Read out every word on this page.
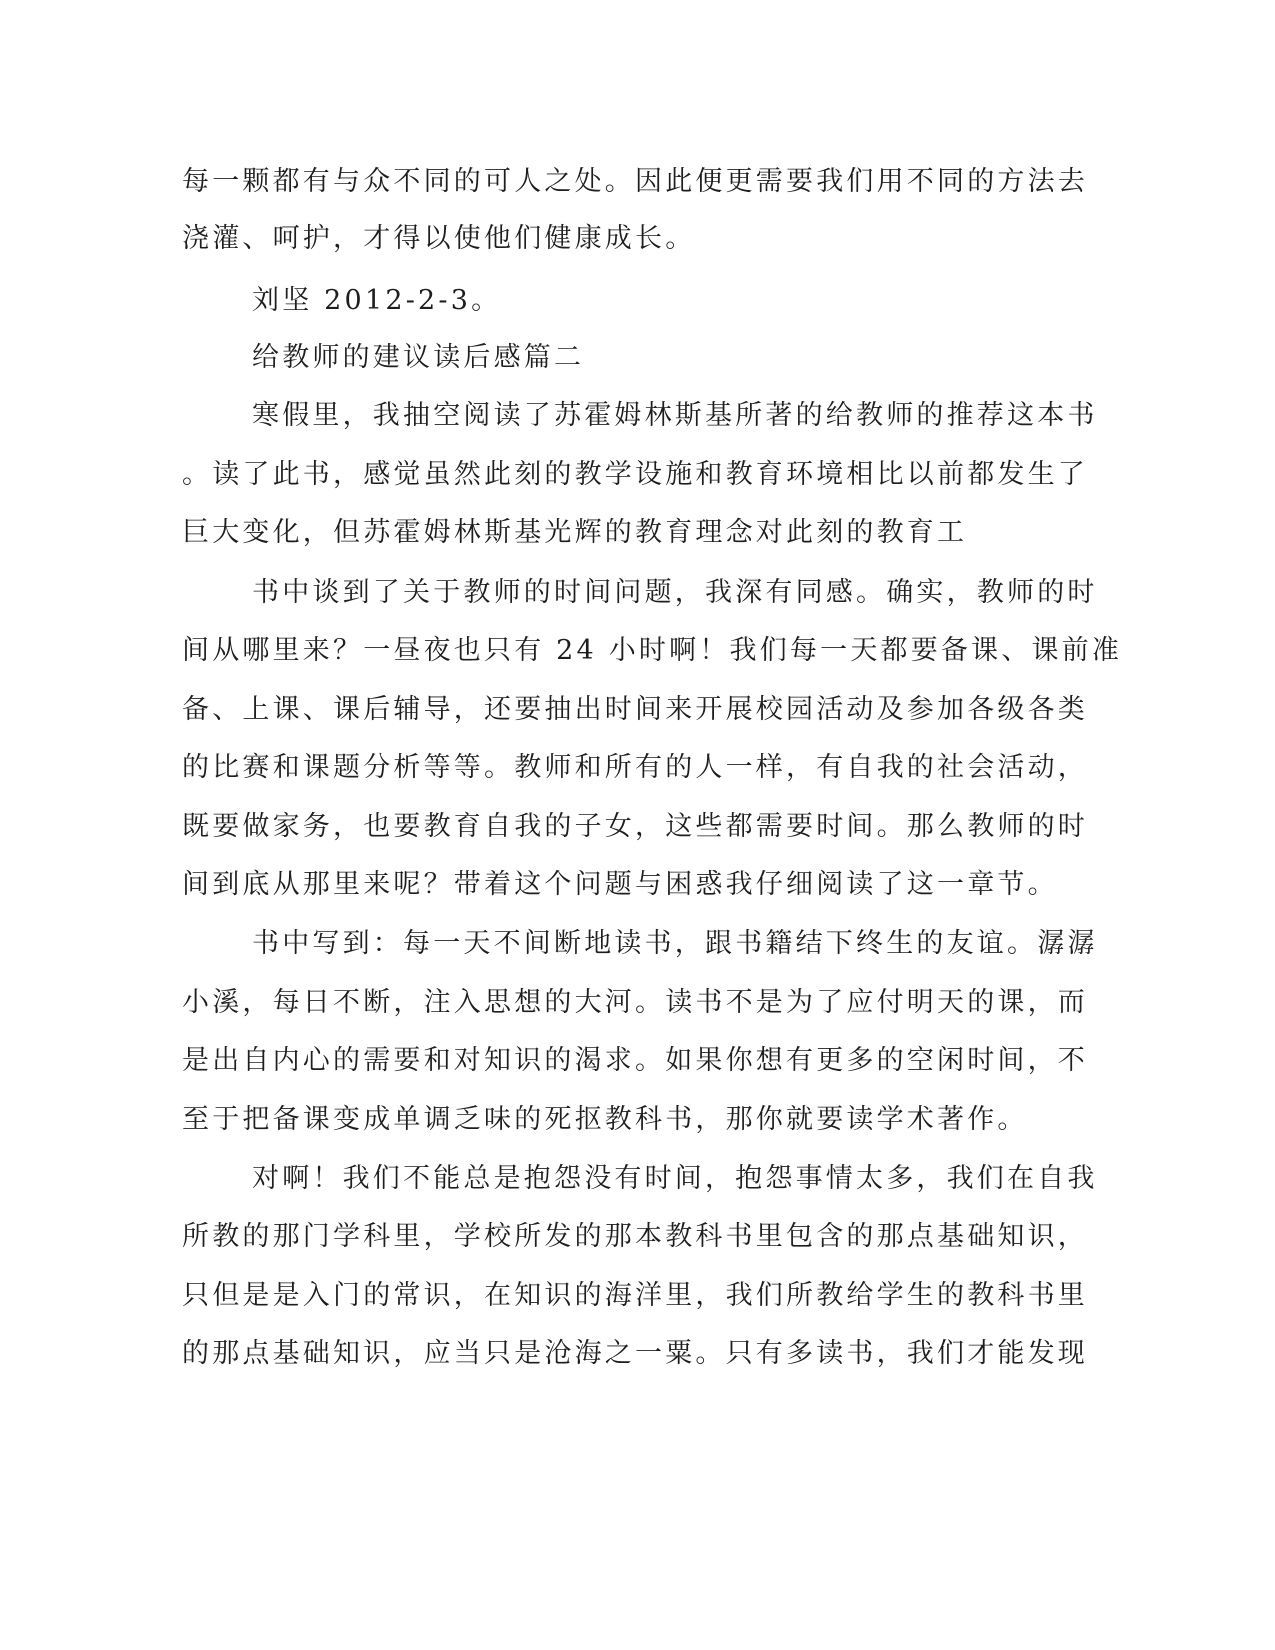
每一颗都有与众不同的可人之处。因此便更需要我们用不同的方法去
浇灌、呵护，才得以使他们健康成长。
刘坚 2012-2-3。
给教师的建议读后感篇二
寒假里，我抽空阅读了苏霍姆林斯基所著的给教师的推荐这本书
。读了此书，感觉虽然此刻的教学设施和教育环境相比以前都发生了
巨大变化，但苏霍姆林斯基光辉的教育理念对此刻的教育工
书中谈到了关于教师的时间问题，我深有同感。确实，教师的时
间从哪里来？一昼夜也只有 24 小时啊！我们每一天都要备课、课前准
备、上课、课后辅导，还要抽出时间来开展校园活动及参加各级各类
的比赛和课题分析等等。教师和所有的人一样，有自我的社会活动，
既要做家务，也要教育自我的子女，这些都需要时间。那么教师的时
间到底从那里来呢？带着这个问题与困惑我仔细阅读了这一章节。
书中写到：每一天不间断地读书，跟书籍结下终生的友谊。潺潺
小溪，每日不断，注入思想的大河。读书不是为了应付明天的课，而
是出自内心的需要和对知识的渴求。如果你想有更多的空闲时间，不
至于把备课变成单调乏味的死抠教科书，那你就要读学术著作。
对啊！我们不能总是抱怨没有时间，抱怨事情太多，我们在自我
所教的那门学科里，学校所发的那本教科书里包含的那点基础知识，
只但是是入门的常识，在知识的海洋里，我们所教给学生的教科书里
的那点基础知识，应当只是沧海之一粟。只有多读书，我们才能发现
